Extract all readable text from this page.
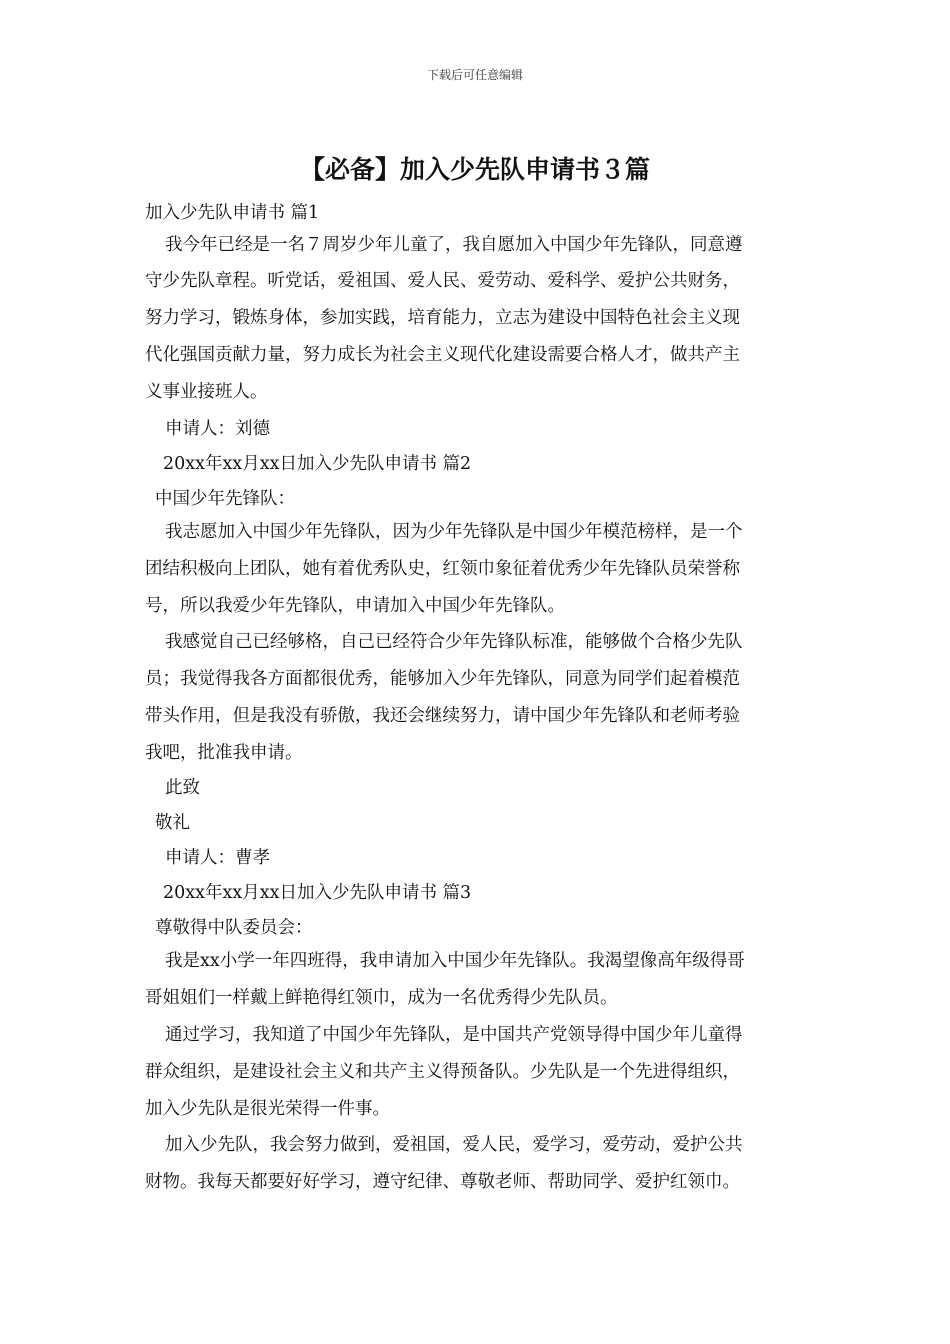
下载后可任意编辑
【必备】加入少先队申请书３篇
加入少先队申请书 篇1
我今年已经是一名７周岁少年儿童了，我自愿加入中国少年先锋队，同意遵
守少先队章程。听党话，爱祖国、爱人民、爱劳动、爱科学、爱护公共财务，
努力学习，锻炼身体，参加实践，培育能力，立志为建设中国特色社会主义现
代化强国贡献力量，努力成长为社会主义现代化建设需要合格人才，做共产主
义事业接班人。
申请人：刘德
20xx年xx月xx日加入少先队申请书 篇2
中国少年先锋队：
我志愿加入中国少年先锋队，因为少年先锋队是中国少年模范榜样，是一个
团结积极向上团队，她有着优秀队史，红领巾象征着优秀少年先锋队员荣誉称
号，所以我爱少年先锋队，申请加入中国少年先锋队。
我感觉自己已经够格，自己已经符合少年先锋队标准，能够做个合格少先队
员；我觉得我各方面都很优秀，能够加入少年先锋队，同意为同学们起着模范
带头作用，但是我没有骄傲，我还会继续努力，请中国少年先锋队和老师考验
我吧，批准我申请。
此致
敬礼
申请人：曹孝
20xx年xx月xx日加入少先队申请书 篇3
尊敬得中队委员会：
我是xx小学一年四班得，我申请加入中国少年先锋队。我渴望像高年级得哥
哥姐姐们一样戴上鲜艳得红领巾，成为一名优秀得少先队员。
通过学习，我知道了中国少年先锋队，是中国共产党领导得中国少年儿童得
群众组织，是建设社会主义和共产主义得预备队。少先队是一个先进得组织，
加入少先队是很光荣得一件事。
加入少先队，我会努力做到，爱祖国，爱人民，爱学习，爱劳动，爱护公共
财物。我每天都要好好学习，遵守纪律、尊敬老师、帮助同学、爱护红领巾。
